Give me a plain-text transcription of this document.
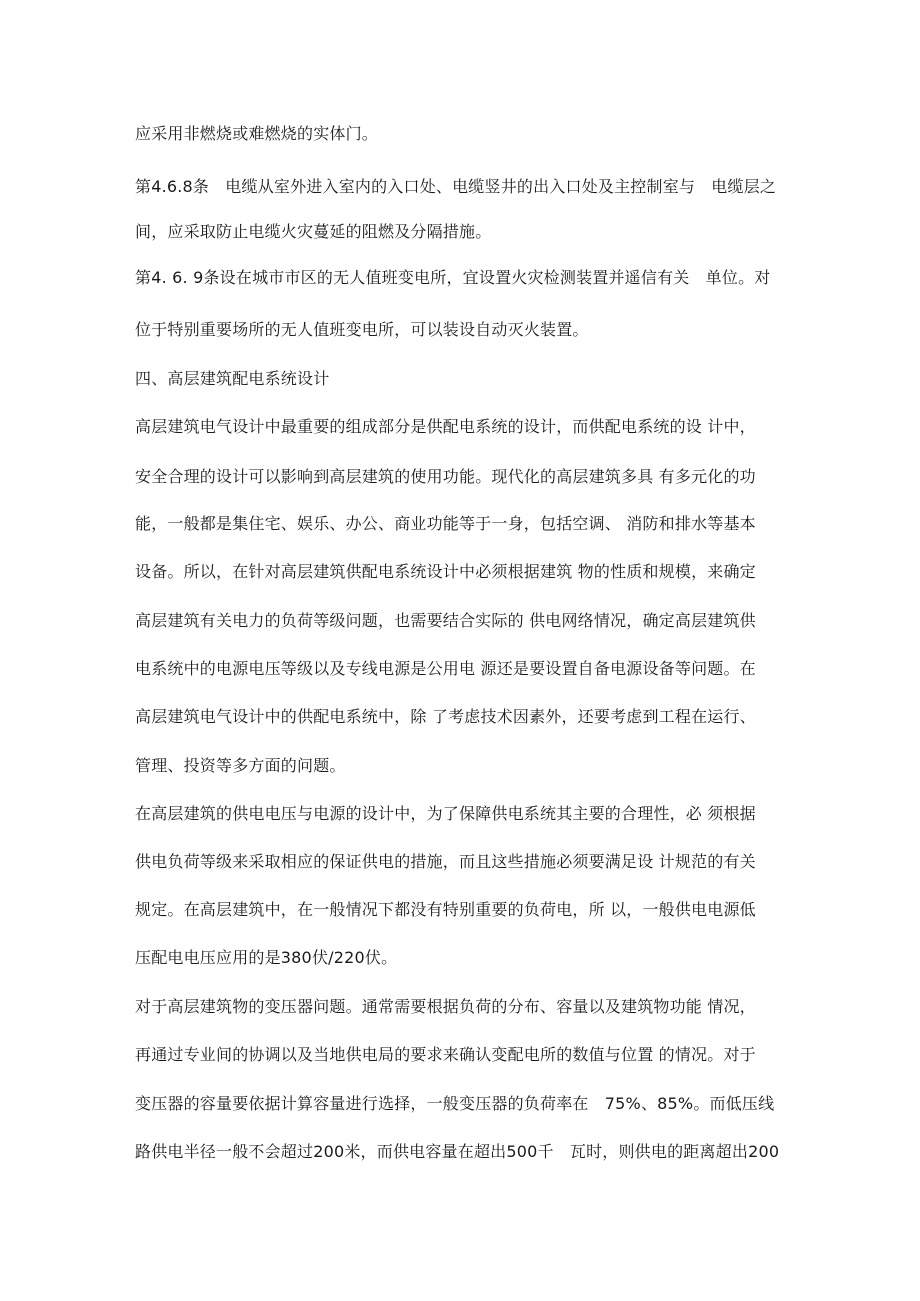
应采用非燃烧或难燃烧的实体门。
第4.6.8条　电缆从室外进入室内的入口处、电缆竖井的出入口处及主控制室与　电缆层之
间，应采取防止电缆火灾蔓延的阻燃及分隔措施。
第4. 6. 9条设在城市市区的无人值班变电所，宜设置火灾检测装置并遥信有关　单位。对
位于特别重要场所的无人值班变电所，可以装设自动灭火装置。
四、高层建筑配电系统设计
高层建筑电气设计中最重要的组成部分是供配电系统的设计，而供配电系统的设 计中，
安全合理的设计可以影响到高层建筑的使用功能。现代化的高层建筑多具 有多元化的功
能，一般都是集住宅、娱乐、办公、商业功能等于一身，包括空调、 消防和排水等基本
设备。所以，在针对高层建筑供配电系统设计中必须根据建筑 物的性质和规模，来确定
高层建筑有关电力的负荷等级问题，也需要结合实际的 供电网络情况，确定高层建筑供
电系统中的电源电压等级以及专线电源是公用电 源还是要设置自备电源设备等问题。在
高层建筑电气设计中的供配电系统中，除 了考虑技术因素外，还要考虑到工程在运行、
管理、投资等多方面的问题。
在高层建筑的供电电压与电源的设计中，为了保障供电系统其主要的合理性，必 须根据
供电负荷等级来采取相应的保证供电的措施，而且这些措施必须要满足设 计规范的有关
规定。在高层建筑中，在一般情况下都没有特别重要的负荷电，所 以，一般供电电源低
压配电电压应用的是380伏/220伏。
对于高层建筑物的变压器问题。通常需要根据负荷的分布、容量以及建筑物功能 情况，
再通过专业间的协调以及当地供电局的要求来确认变配电所的数值与位置 的情况。对于
变压器的容量要依据计算容量进行选择，一般变压器的负荷率在　75%、85%。而低压线
路供电半径一般不会超过200米，而供电容量在超出500千　瓦时，则供电的距离超出200
